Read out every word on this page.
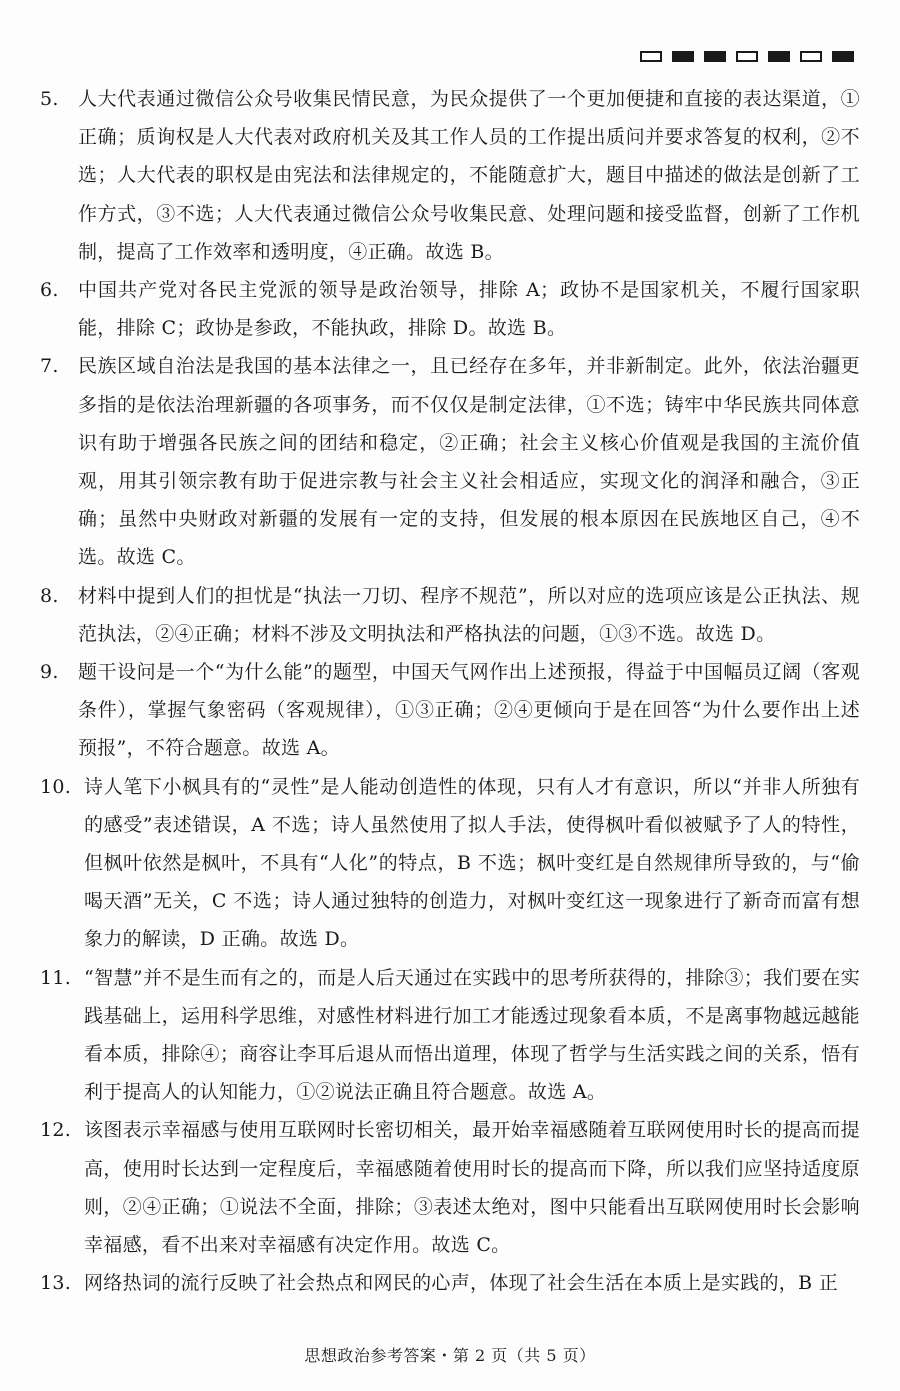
5.	人大代表通过微信公众号收集民情民意，为民众提供了一个更加便捷和直接的表达渠道，①正确；质询权是人大代表对政府机关及其工作人员的工作提出质问并要求答复的权利，②不选；人大代表的职权是由宪法和法律规定的，不能随意扩大，题目中描述的做法是创新了工作方式，③不选；人大代表通过微信公众号收集民意、处理问题和接受监督，创新了工作机制，提高了工作效率和透明度，④正确。故选 B。
6.	中国共产党对各民主党派的领导是政治领导，排除 A；政协不是国家机关，不履行国家职能，排除 C；政协是参政，不能执政，排除 D。故选 B。
7.	民族区域自治法是我国的基本法律之一，且已经存在多年，并非新制定。此外，依法治疆更多指的是依法治理新疆的各项事务，而不仅仅是制定法律，①不选；铸牢中华民族共同体意识有助于增强各民族之间的团结和稳定，②正确；社会主义核心价值观是我国的主流价值观，用其引领宗教有助于促进宗教与社会主义社会相适应，实现文化的润泽和融合，③正确；虽然中央财政对新疆的发展有一定的支持，但发展的根本原因在民族地区自己，④不选。故选 C。
8.	材料中提到人们的担忧是“执法一刀切、程序不规范”，所以对应的选项应该是公正执法、规范执法，②④正确；材料不涉及文明执法和严格执法的问题，①③不选。故选 D。
9.	题干设问是一个“为什么能”的题型，中国天气网作出上述预报，得益于中国幅员辽阔（客观条件），掌握气象密码（客观规律），①③正确；②④更倾向于是在回答“为什么要作出上述预报”，不符合题意。故选 A。
10. 诗人笔下小枫具有的“灵性”是人能动创造性的体现，只有人才有意识，所以“并非人所独有的感受”表述错误，A 不选；诗人虽然使用了拟人手法，使得枫叶看似被赋予了人的特性，但枫叶依然是枫叶，不具有“人化”的特点，B 不选；枫叶变红是自然规律所导致的，与“偷喝天酒”无关，C 不选；诗人通过独特的创造力，对枫叶变红这一现象进行了新奇而富有想象力的解读，D 正确。故选 D。
11. “智慧”并不是生而有之的，而是人后天通过在实践中的思考所获得的，排除③；我们要在实践基础上，运用科学思维，对感性材料进行加工才能透过现象看本质，不是离事物越远越能看本质，排除④；商容让李耳后退从而悟出道理，体现了哲学与生活实践之间的关系，悟有利于提高人的认知能力，①②说法正确且符合题意。故选 A。
12. 该图表示幸福感与使用互联网时长密切相关，最开始幸福感随着互联网使用时长的提高而提高，使用时长达到一定程度后，幸福感随着使用时长的提高而下降，所以我们应坚持适度原则，②④正确；①说法不全面，排除；③表述太绝对，图中只能看出互联网使用时长会影响幸福感，看不出来对幸福感有决定作用。故选 C。
13. 网络热词的流行反映了社会热点和网民的心声，体现了社会生活在本质上是实践的，B 正
思想政治参考答案・第 2 页（共 5 页）
